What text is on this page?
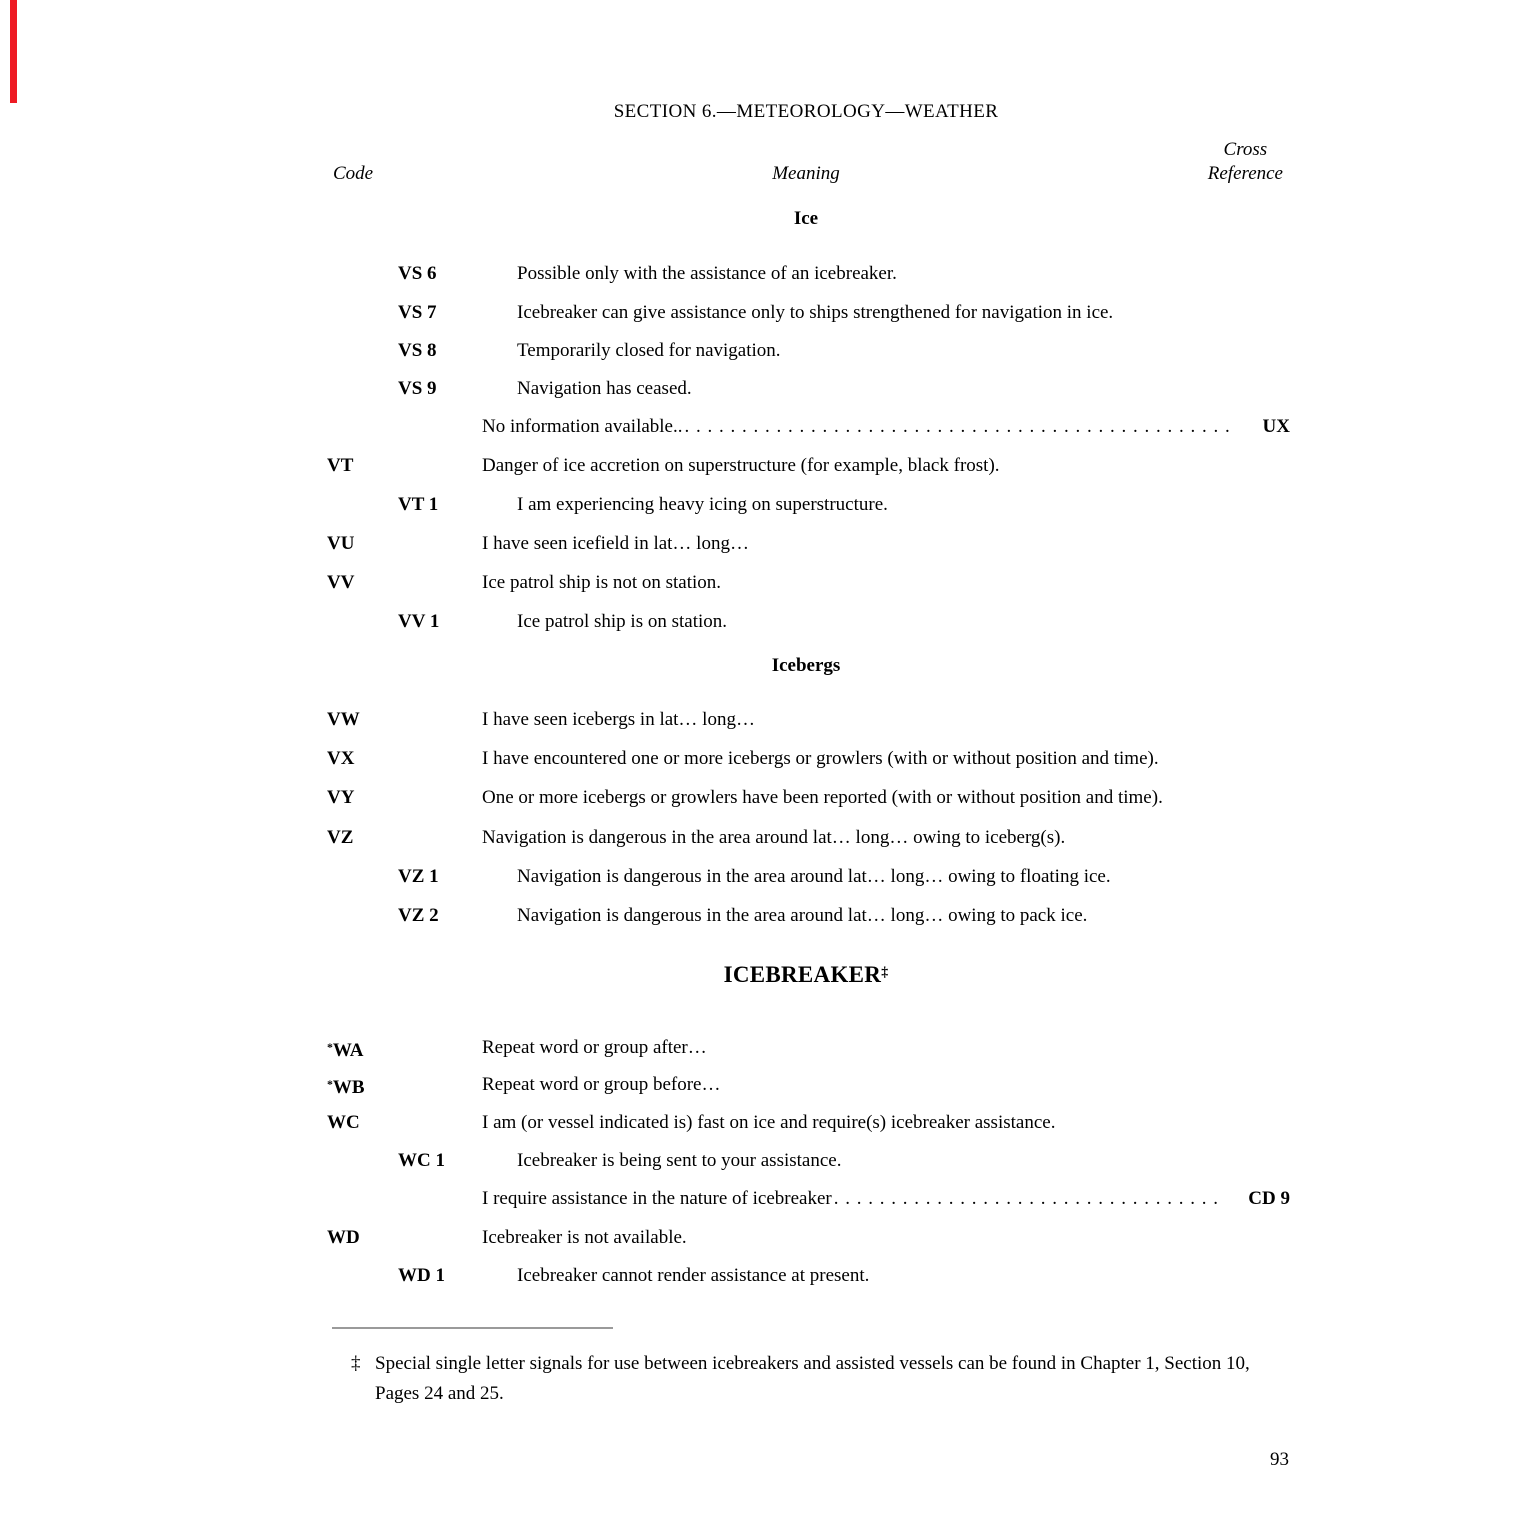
SECTION 6.—METEOROLOGY—WEATHER
Code	Meaning
Cross
Reference
Ice
VS 6	Possible only with the assistance of an icebreaker.
VS 7	Icebreaker can give assistance only to ships strengthened for navigation in ice.
VS 8	Temporarily closed for navigation.
VS 9	Navigation has ceased.
No information available.. . . .	UX
VT	Danger of ice accretion on superstructure (for example, black frost).
VT 1	I am experiencing heavy icing on superstructure.
VU	I have seen icefield in lat… long…
VV	Ice patrol ship is not on station.
VV 1	Ice patrol ship is on station.
Icebergs
VW	I have seen icebergs in lat… long…
VX	I have encountered one or more icebergs or growlers (with or without position and time).
VY	One or more icebergs or growlers have been reported (with or without position and time).
VZ	Navigation is dangerous in the area around lat… long… owing to iceberg(s).
VZ 1	Navigation is dangerous in the area around lat… long… owing to floating ice.
VZ 2	Navigation is dangerous in the area around lat… long… owing to pack ice.
ICEBREAKER‡
*WA	Repeat word or group after…
*WB	Repeat word or group before…
WC	I am (or vessel indicated is) fast on ice and require(s) icebreaker assistance.
WC 1	Icebreaker is being sent to your assistance.
I require assistance in the nature of icebreaker . . .	CD 9
WD	Icebreaker is not available.
WD 1	Icebreaker cannot render assistance at present.
‡ Special single letter signals for use between icebreakers and assisted vessels can be found in Chapter 1, Section 10,
Pages 24 and 25.
93
